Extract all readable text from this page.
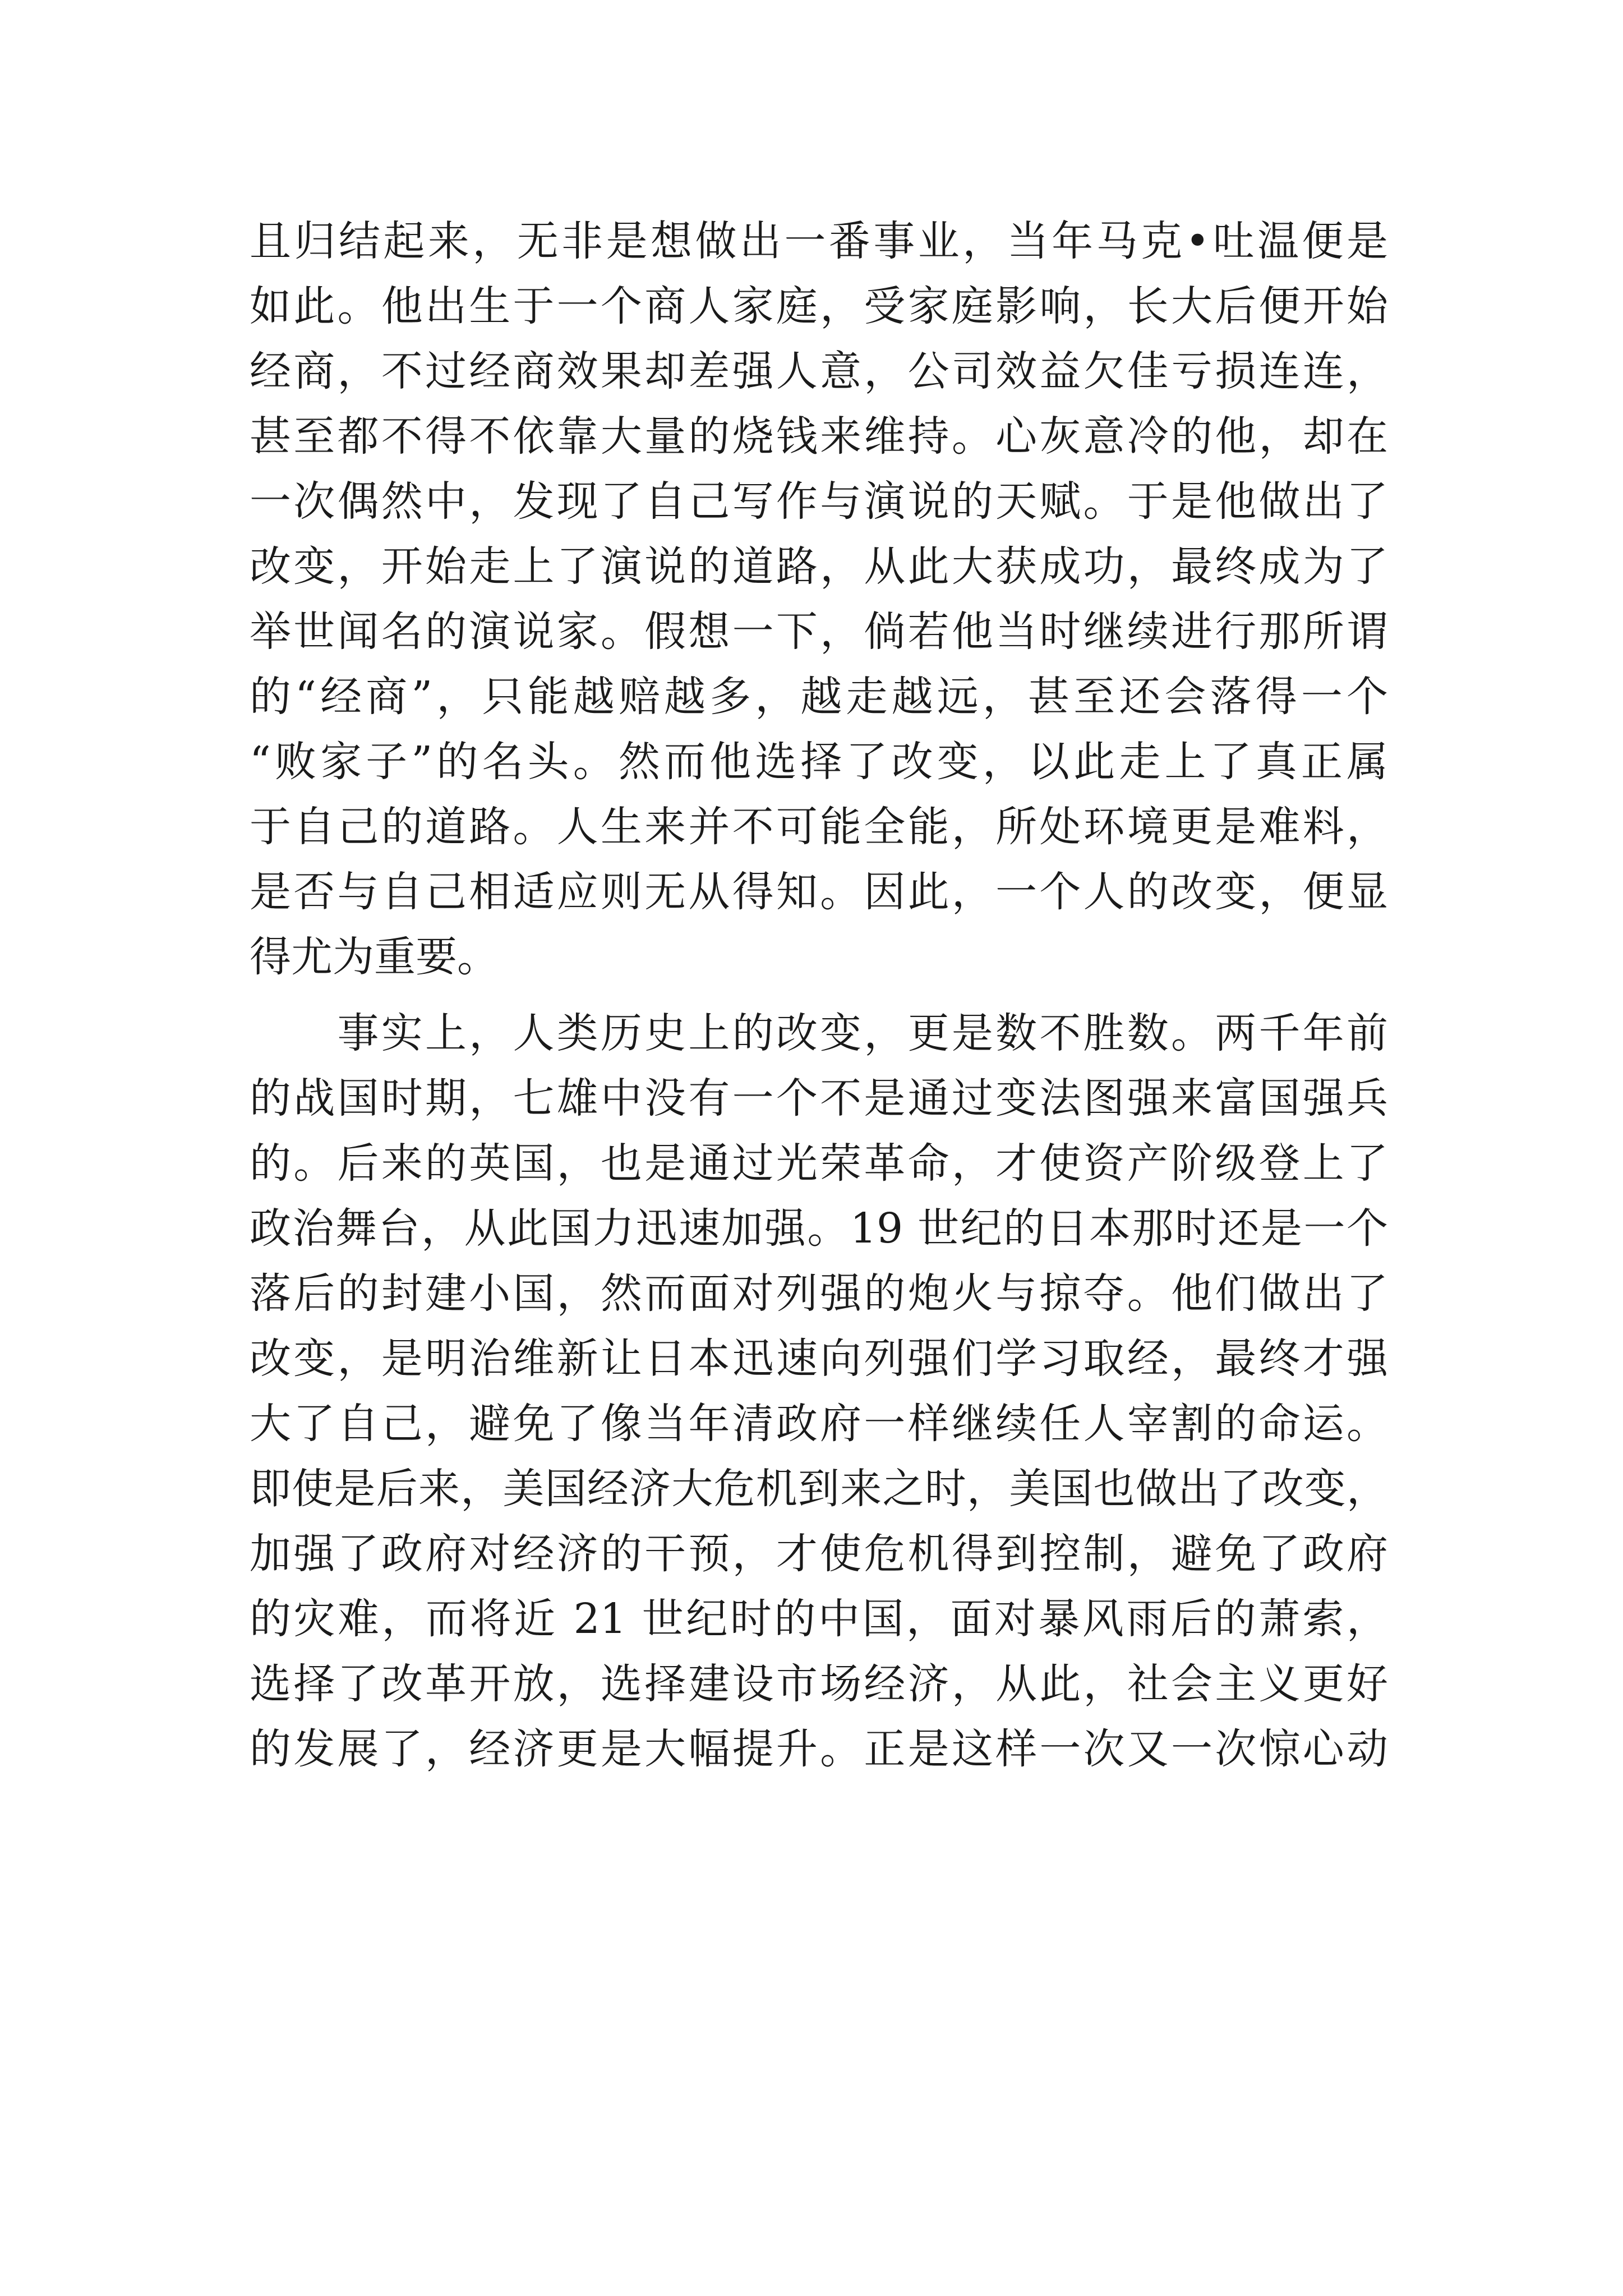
且归结起来，无非是想做出一番事业，当年马克•吐温便是
如此。他出生于一个商人家庭，受家庭影响，长大后便开始
经商，不过经商效果却差强人意，公司效益欠佳亏损连连，
甚至都不得不依靠大量的烧钱来维持。心灰意冷的他，却在
一次偶然中，发现了自己写作与演说的天赋。于是他做出了
改变，开始走上了演说的道路，从此大获成功，最终成为了
举世闻名的演说家。假想一下，倘若他当时继续进行那所谓
的“经商”，只能越赔越多，越走越远，甚至还会落得一个
“败家子”的名头。然而他选择了改变，以此走上了真正属
于自己的道路。人生来并不可能全能，所处环境更是难料，
是否与自己相适应则无从得知。因此，一个人的改变，便显
得尤为重要。
　　事实上，人类历史上的改变，更是数不胜数。两千年前
的战国时期，七雄中没有一个不是通过变法图强来富国强兵
的。后来的英国，也是通过光荣革命，才使资产阶级登上了
政治舞台，从此国力迅速加强。19 世纪的日本那时还是一个
落后的封建小国，然而面对列强的炮火与掠夺。他们做出了
改变，是明治维新让日本迅速向列强们学习取经，最终才强
大了自己，避免了像当年清政府一样继续任人宰割的命运。
即使是后来，美国经济大危机到来之时，美国也做出了改变，
加强了政府对经济的干预，才使危机得到控制，避免了政府
的灾难，而将近 21 世纪时的中国，面对暴风雨后的萧索，
选择了改革开放，选择建设市场经济，从此，社会主义更好
的发展了，经济更是大幅提升。正是这样一次又一次惊心动
